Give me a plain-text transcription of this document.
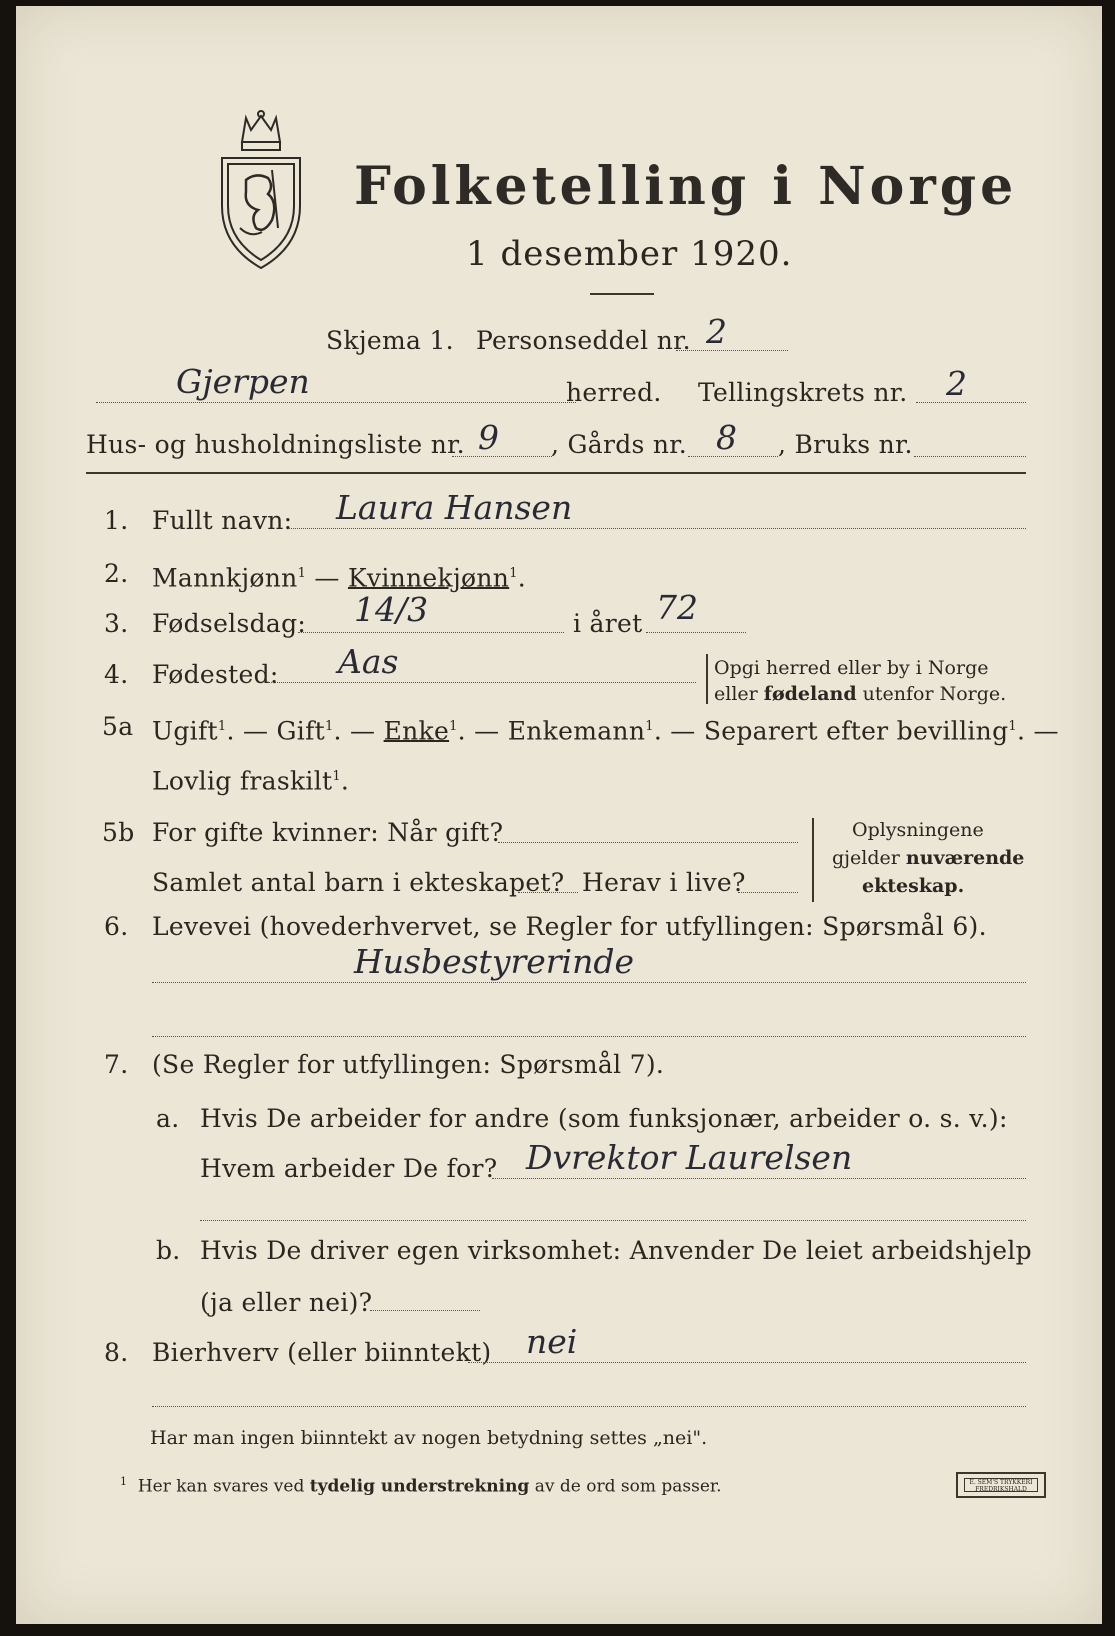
Folketelling i Norge
1 desember 1920.
Skjema 1. Personseddel nr. 2
Gjerpen	herred. Tellingskrets nr. 2
Hus- og husholdningsliste nr. 9 , Gårds nr. 8 , Bruks nr.
1. Fullt navn: Laura Hansen
2. Mannkjønn$^1$ — Kvinnekjønn$^1$.
3. Fødselsdag: 14/3	i året 72
4. Fødested: Aas	Opgi herred eller by i Norge
eller fødeland utenfor Norge.
5a Ugift$^1$. — Gift$^1$. — Enke$^1$. — Enkemann$^1$. — Separert efter bevilling$^1$. —
Lovlig fraskilt$^1$.
5b For gifte kvinner: Når gift?
Samlet antal barn i ekteskapet? Herav i live?
Oplysningene
gjelder nuværende
ekteskap.
6. Levevei (hovederhvervet, se Regler for utfyllingen: Spørsmål 6).
Husbestyrerinde
7. (Se Regler for utfyllingen: Spørsmål 7).
a. Hvis De arbeider for andre (som funksjonær, arbeider o. s. v.):
Hvem arbeider De for? Dvrektor Laurelsen
b. Hvis De driver egen virksomhet: Anvender De leiet arbeidshjelp
(ja eller nei)?
8. Bierhverv (eller biinntekt) nei
Har man ingen biinntekt av nogen betydning settes „nei".
$^1$ Her kan svares ved tydelig understrekning av de ord som passer.	E. SEM'S TRYKKERI
FREDRIKSHALD
